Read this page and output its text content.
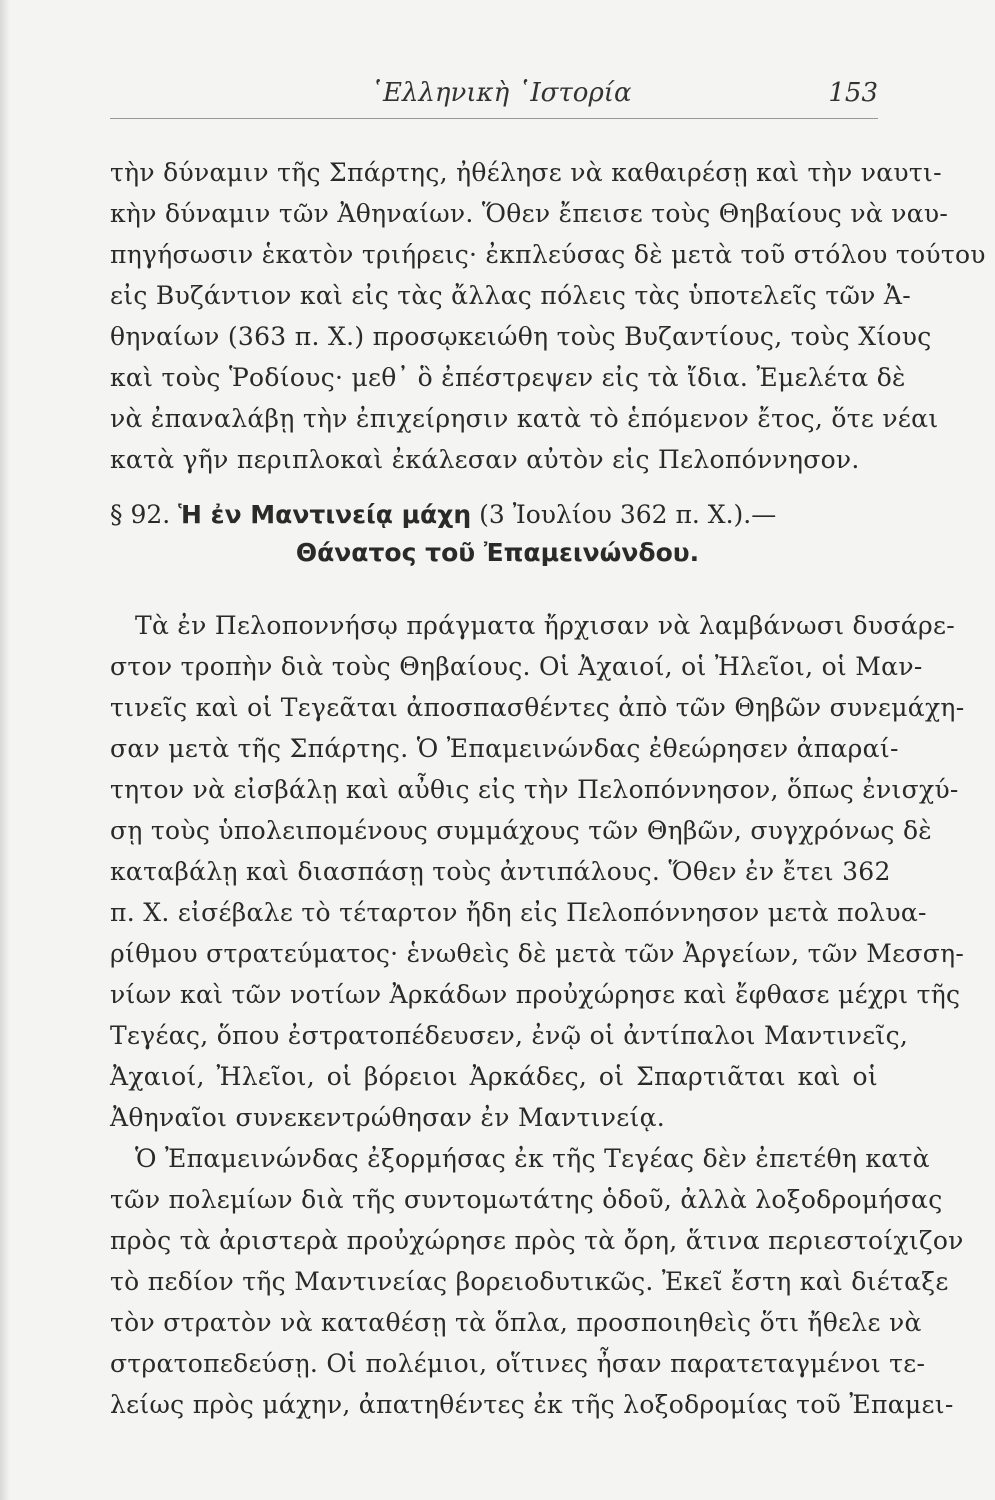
῾Ελληνικὴ ῾Ιστορία	153
τὴν δύναμιν τῆς Σπάρτης, ἠθέλησε νὰ καθαιρέσῃ καὶ τὴν ναυτι-
κὴν δύναμιν τῶν Ἀθηναίων. Ὅθεν ἔπεισε τοὺς Θηβαίους νὰ ναυ-
πηγήσωσιν ἑκατὸν τριήρεις· ἐκπλεύσας δὲ μετὰ τοῦ στόλου τούτου
εἰς Βυζάντιον καὶ εἰς τὰς ἄλλας πόλεις τὰς ὑποτελεῖς τῶν Ἀ-
θηναίων (363 π. Χ.) προσῳκειώθη τοὺς Βυζαντίους, τοὺς Χίους
καὶ τοὺς Ῥοδίους· μεθ᾿ ὃ ἐπέστρεψεν εἰς τὰ ἴδια. Ἐμελέτα δὲ
νὰ ἐπαναλάβῃ τὴν ἐπιχείρησιν κατὰ τὸ ἑπόμενον ἔτος, ὅτε νέαι
κατὰ γῆν περιπλοκαὶ ἐκάλεσαν αὐτὸν εἰς Πελοπόννησον.
§ 92. Ἡ ἐν Μαντινείᾳ μάχη (3 Ἰουλίου 362 π. Χ.).—
Θάνατος τοῦ Ἐπαμεινώνδου.
Τὰ ἐν Πελοποννήσῳ πράγματα ἤρχισαν νὰ λαμβάνωσι δυσάρε-
στον τροπὴν διὰ τοὺς Θηβαίους. Οἱ Ἀχαιοί, οἱ Ἠλεῖοι, οἱ Μαν-
τινεῖς καὶ οἱ Τεγεᾶται ἀποσπασθέντες ἀπὸ τῶν Θηβῶν συνεμάχη-
σαν μετὰ τῆς Σπάρτης. Ὁ Ἐπαμεινώνδας ἐθεώρησεν ἀπαραί-
τητον νὰ εἰσβάλῃ καὶ αὖθις εἰς τὴν Πελοπόννησον, ὅπως ἐνισχύ-
σῃ τοὺς ὑπολειπομένους συμμάχους τῶν Θηβῶν, συγχρόνως δὲ
καταβάλῃ καὶ διασπάσῃ τοὺς ἀντιπάλους. Ὅθεν ἐν ἔτει 362
π. Χ. εἰσέβαλε τὸ τέταρτον ἤδη εἰς Πελοπόννησον μετὰ πολυα-
ρίθμου στρατεύματος· ἑνωθεὶς δὲ μετὰ τῶν Ἀργείων, τῶν Μεσση-
νίων καὶ τῶν νοτίων Ἀρκάδων προὐχώρησε καὶ ἔφθασε μέχρι τῆς
Τεγέας, ὅπου ἐστρατοπέδευσεν, ἐνῷ οἱ ἀντίπαλοι Μαντινεῖς,
Ἀχαιοί, Ἠλεῖοι, οἱ βόρειοι Ἀρκάδες, οἱ Σπαρτιᾶται καὶ οἱ
Ἀθηναῖοι συνεκεντρώθησαν ἐν Μαντινείᾳ.
Ὁ Ἐπαμεινώνδας ἐξορμήσας ἐκ τῆς Τεγέας δὲν ἐπετέθη κατὰ
τῶν πολεμίων διὰ τῆς συντομωτάτης ὁδοῦ, ἀλλὰ λοξοδρομήσας
πρὸς τὰ ἀριστερὰ προὐχώρησε πρὸς τὰ ὄρη, ἅτινα περιεστοίχιζον
τὸ πεδίον τῆς Μαντινείας βορειοδυτικῶς. Ἐκεῖ ἔστη καὶ διέταξε
τὸν στρατὸν νὰ καταθέσῃ τὰ ὅπλα, προσποιηθεὶς ὅτι ἤθελε νὰ
στρατοπεδεύσῃ. Οἱ πολέμιοι, οἵτινες ἦσαν παρατεταγμένοι τε-
λείως πρὸς μάχην, ἀπατηθέντες ἐκ τῆς λοξοδρομίας τοῦ Ἐπαμει-
